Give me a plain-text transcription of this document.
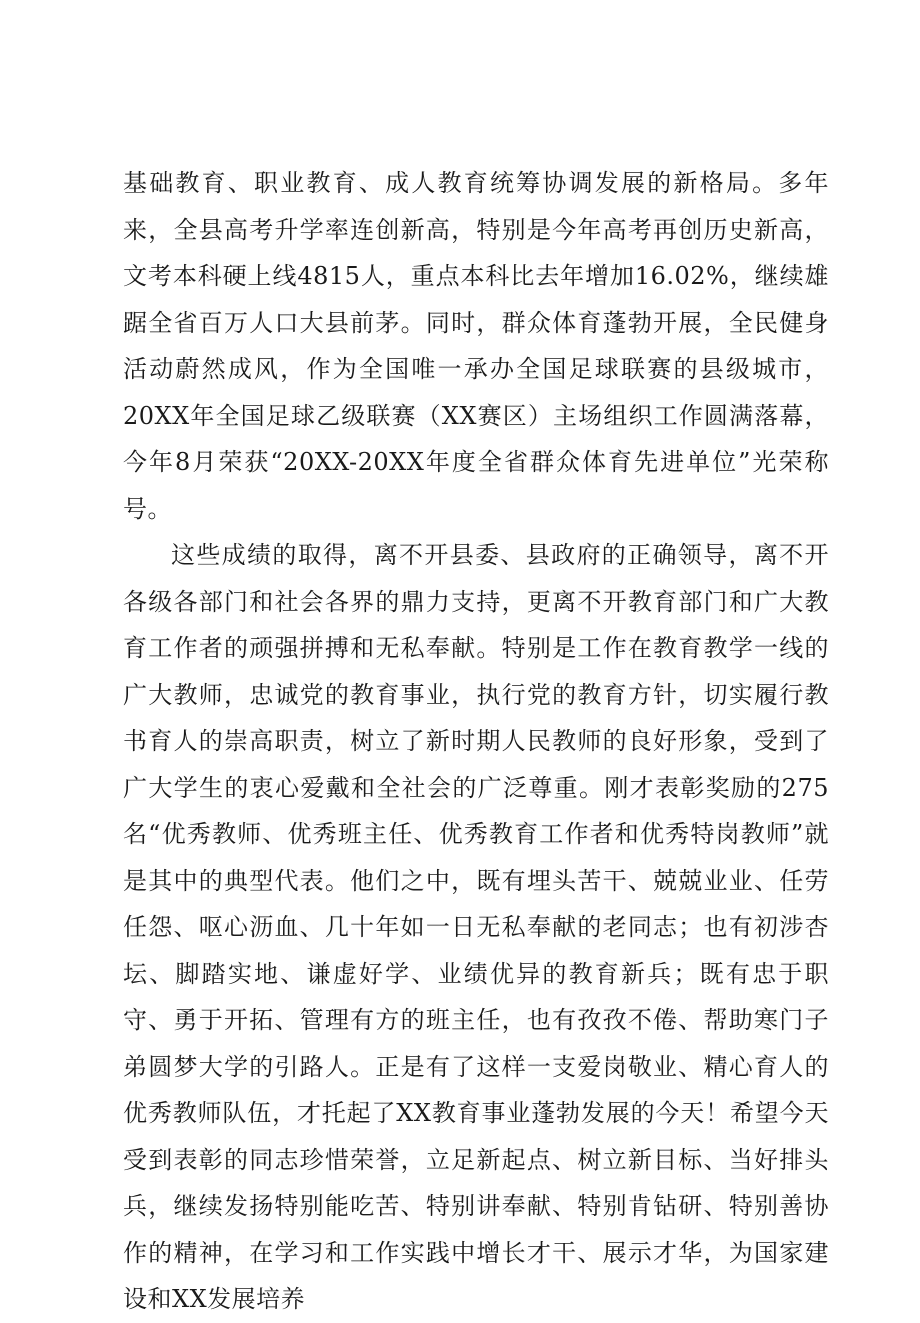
基础教育、职业教育、成人教育统筹协调发展的新格局。多年来，全县高考升学率连创新高，特别是今年高考再创历史新高，文考本科硬上线4815人，重点本科比去年增加16.02%，继续雄踞全省百万人口大县前茅。同时，群众体育蓬勃开展，全民健身活动蔚然成风，作为全国唯一承办全国足球联赛的县级城市，20XX年全国足球乙级联赛（XX赛区）主场组织工作圆满落幕，今年8月荣获“20XX-20XX年度全省群众体育先进单位”光荣称号。

这些成绩的取得，离不开县委、县政府的正确领导，离不开各级各部门和社会各界的鼎力支持，更离不开教育部门和广大教育工作者的顽强拼搏和无私奉献。特别是工作在教育教学一线的广大教师，忠诚党的教育事业，执行党的教育方针，切实履行教书育人的崇高职责，树立了新时期人民教师的良好形象，受到了广大学生的衷心爱戴和全社会的广泛尊重。刚才表彰奖励的275名“优秀教师、优秀班主任、优秀教育工作者和优秀特岗教师”就是其中的典型代表。他们之中，既有埋头苦干、兢兢业业、任劳任怨、呕心沥血、几十年如一日无私奉献的老同志；也有初涉杏坛、脚踏实地、谦虚好学、业绩优异的教育新兵；既有忠于职守、勇于开拓、管理有方的班主任，也有孜孜不倦、帮助寒门子弟圆梦大学的引路人。正是有了这样一支爱岗敬业、精心育人的优秀教师队伍，才托起了XX教育事业蓬勃发展的今天！希望今天受到表彰的同志珍惜荣誉，立足新起点、树立新目标、当好排头兵，继续发扬特别能吃苦、特别讲奉献、特别肯钻研、特别善协作的精神，在学习和工作实践中增长才干、展示才华，为国家建设和XX发展培养
